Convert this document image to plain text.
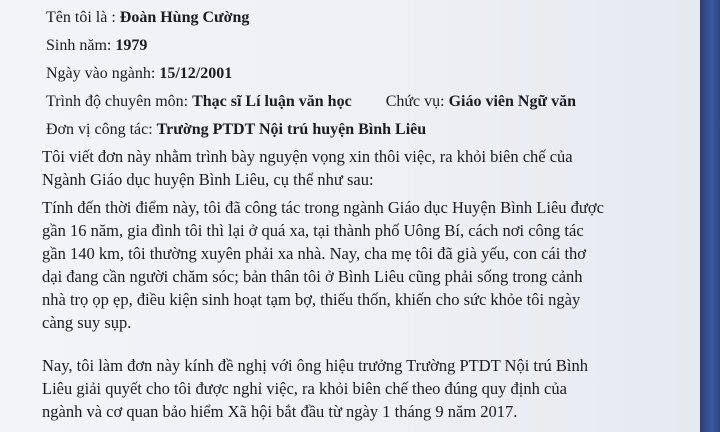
Tên tôi là : Đoàn Hùng Cường
Sinh năm: 1979
Ngày vào ngành: 15/12/2001
Trình độ chuyên môn: Thạc sĩ Lí luận văn học Chức vụ: Giáo viên Ngữ văn
Đơn vị công tác: Trường PTDT Nội trú huyện Bình Liêu
Tôi viết đơn này nhằm trình bày nguyện vọng xin thôi việc, ra khỏi biên chế của
Ngành Giáo dục huyện Bình Liêu, cụ thể như sau:
Tính đến thời điểm này, tôi đã công tác trong ngành Giáo dục Huyện Bình Liêu được
gần 16 năm, gia đình tôi thì lại ở quá xa, tại thành phố Uông Bí, cách nơi công tác
gần 140 km, tôi thường xuyên phải xa nhà. Nay, cha mẹ tôi đã già yếu, con cái thơ
dại đang cần người chăm sóc; bản thân tôi ở Bình Liêu cũng phải sống trong cảnh
nhà trọ ọp ẹp, điều kiện sinh hoạt tạm bợ, thiếu thốn, khiến cho sức khỏe tôi ngày
càng suy sụp.
Nay, tôi làm đơn này kính đề nghị với ông hiệu trưởng Trường PTDT Nội trú Bình
Liêu giải quyết cho tôi được nghỉ việc, ra khỏi biên chế theo đúng quy định của
ngành và cơ quan bảo hiểm Xã hội bắt đầu từ ngày 1 tháng 9 năm 2017.
